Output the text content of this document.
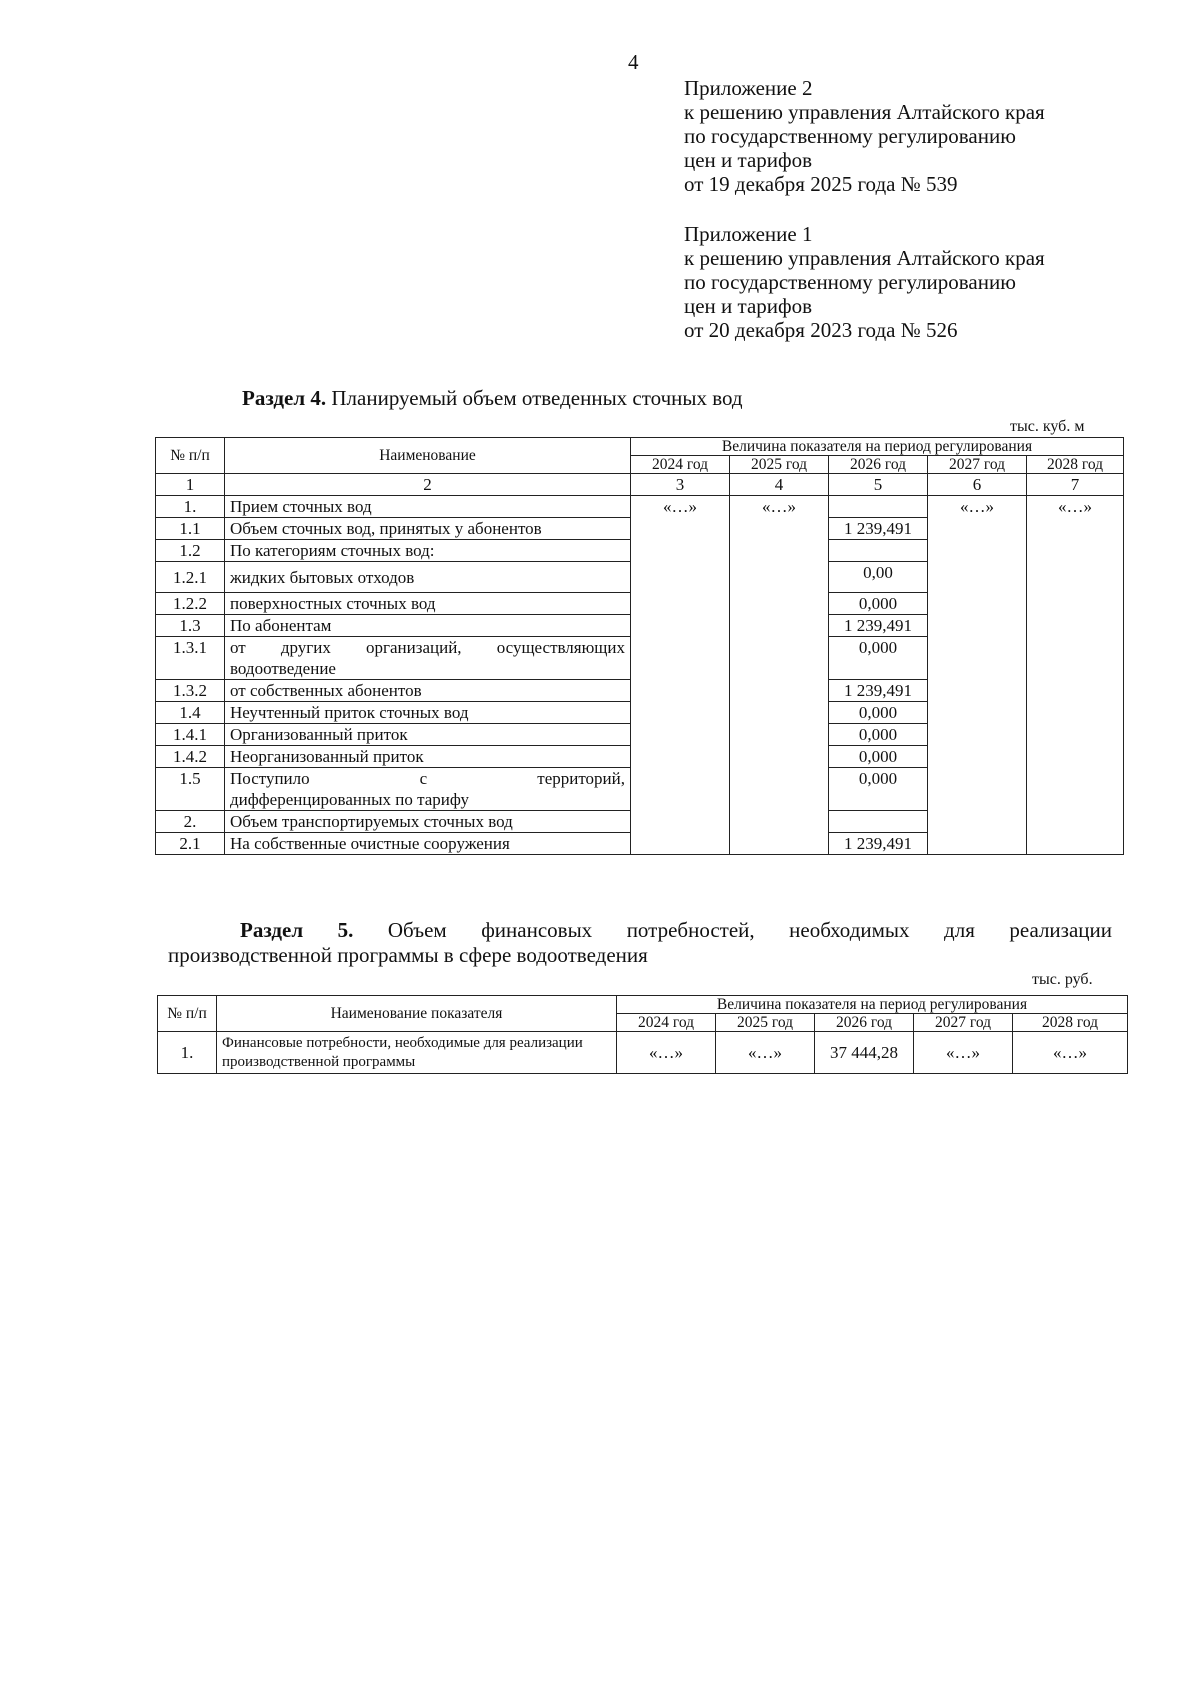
4
Приложение 2
к решению управления Алтайского края
по государственному регулированию
цен и тарифов
от 19 декабря 2025 года № 539
Приложение 1
к решению управления Алтайского края
по государственному регулированию
цен и тарифов
от 20 декабря 2023 года № 526
Раздел 4. Планируемый объем отведенных сточных вод
тыс. куб. м
№ п/п	Наименование	Величина показателя на период регулирования				
		2024 год	2025 год	2026 год	2027 год	2028 год
1	2	3	4	5	6	7
1.	Прием сточных вод	«…»	«…»		«…»	«…»
1.1	Объем сточных вод, принятых у абонентов			1 239,491		
1.2	По категориям сточных вод:					
1.2.1	жидких бытовых отходов			0,00		
1.2.2	поверхностных сточных вод			0,000		
1.3	По абонентам			1 239,491		
1.3.1	от других организаций, осуществляющих
водоотведение			0,000		
1.3.2	от собственных абонентов			1 239,491		
1.4	Неучтенный приток сточных вод			0,000		
1.4.1	Организованный приток			0,000		
1.4.2	Неорганизованный приток			0,000		
1.5	Поступило с территорий,
дифференцированных по тарифу			0,000		
2.	Объем транспортируемых сточных вод					
2.1	На собственные очистные сооружения			1 239,491		
Раздел 5. Объем финансовых потребностей, необходимых для реализации
производственной программы в сфере водоотведения
тыс. руб.
№ п/п	Наименование показателя	Величина показателя на период регулирования				
		2024 год	2025 год	2026 год	2027 год	2028 год
1.	Финансовые потребности, необходимые для реализации производственной программы	«…»	«…»	37 444,28	«…»	«…»
